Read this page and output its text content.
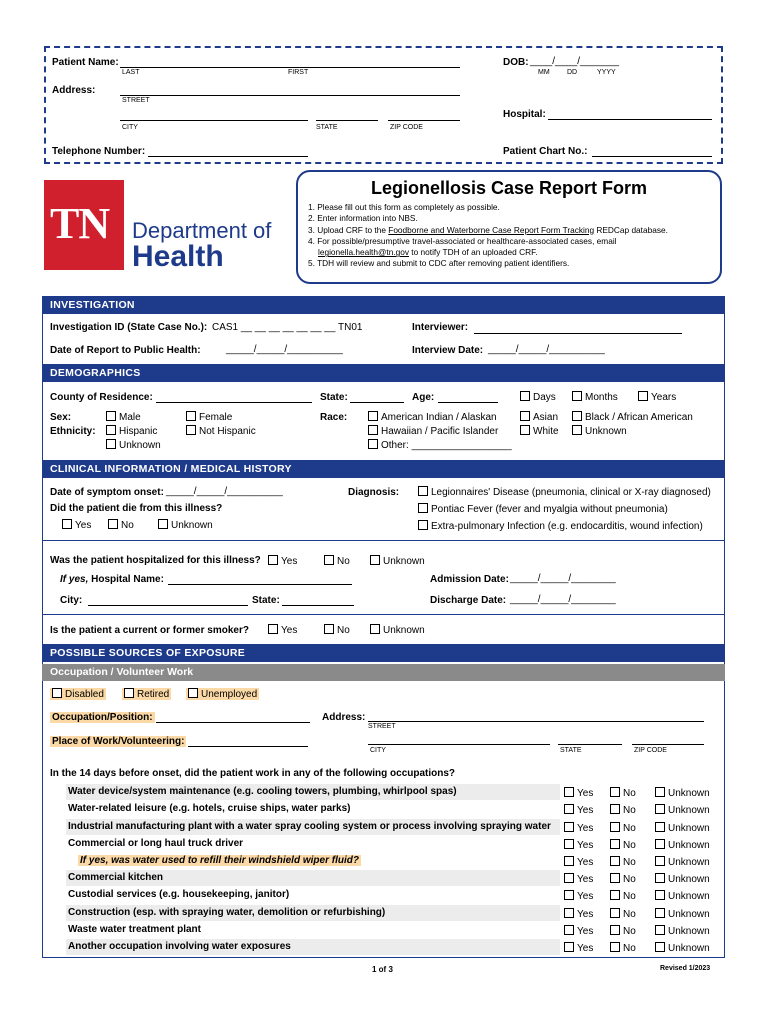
Patient Name:
LAST	FIRST
DOB: ____/____/_______
MM DD	YYYY
Address:
STREET
CITY	STATE	ZIP CODE
Hospital:
Telephone Number:	Patient Chart No.:
TN Department of
Health
Legionellosis Case Report Form
1. Please fill out this form as completely as possible.
2. Enter information into NBS.
3. Upload CRF to the Foodborne and Waterborne Case Report Form Tracking REDCap database.
4. For possible/presumptive travel-associated or healthcare-associated cases, email
legionella.health@tn.gov to notify TDH of an uploaded CRF.
5. TDH will review and submit to CDC after removing patient identifiers.
INVESTIGATION
Investigation ID (State Case No.): CAS1 __ __ __ __ __ __ __ TN01	Interviewer:
Date of Report to Public Health:	_____/_____/__________	Interview Date: _____/_____/__________
DEMOGRAPHICS
County of Residence:	State:	Age:	Days	Months	Years
Sex:	Male	Female
Ethnicity:	Hispanic	Not Hispanic
Unknown
Race:	American Indian / Alaskan	Asian	Black / African American
Hawaiian / Pacific Islander	White	Unknown
Other: __________________
CLINICAL INFORMATION / MEDICAL HISTORY
Date of symptom onset: _____/_____/__________
Did the patient die from this illness?
Yes	No	Unknown
Diagnosis:	Legionnaires' Disease (pneumonia, clinical or X-ray diagnosed)
Pontiac Fever (fever and myalgia without pneumonia)
Extra-pulmonary Infection (e.g. endocarditis, wound infection)
Was the patient hospitalized for this illness?	Yes	No	Unknown
If yes, Hospital Name:	Admission Date: _____/_____/________
City:	State:	Discharge Date: _____/_____/________
Is the patient a current or former smoker?	Yes	No	Unknown
POSSIBLE SOURCES OF EXPOSURE
Occupation / Volunteer Work
Disabled	Retired	Unemployed
Occupation/Position:	Address:
STREET
Place of Work/Volunteering:
CITY	STATE	ZIP CODE
In the 14 days before onset, did the patient work in any of the following occupations?
Water device/system maintenance (e.g. cooling towers, plumbing, whirlpool spas)	Yes	No	Unknown
Water-related leisure (e.g. hotels, cruise ships, water parks)	Yes	No	Unknown
Industrial manufacturing plant with a water spray cooling system or process involving spraying water	Yes	No	Unknown
Commercial or long haul truck driver	Yes	No	Unknown
If yes, was water used to refill their windshield wiper fluid?	Yes	No	Unknown
Commercial kitchen	Yes	No	Unknown
Custodial services (e.g. housekeeping, janitor)	Yes	No	Unknown
Construction (esp. with spraying water, demolition or refurbishing)	Yes	No	Unknown
Waste water treatment plant	Yes	No	Unknown
Another occupation involving water exposures	Yes	No	Unknown
1 of 3	Revised 1/2023
